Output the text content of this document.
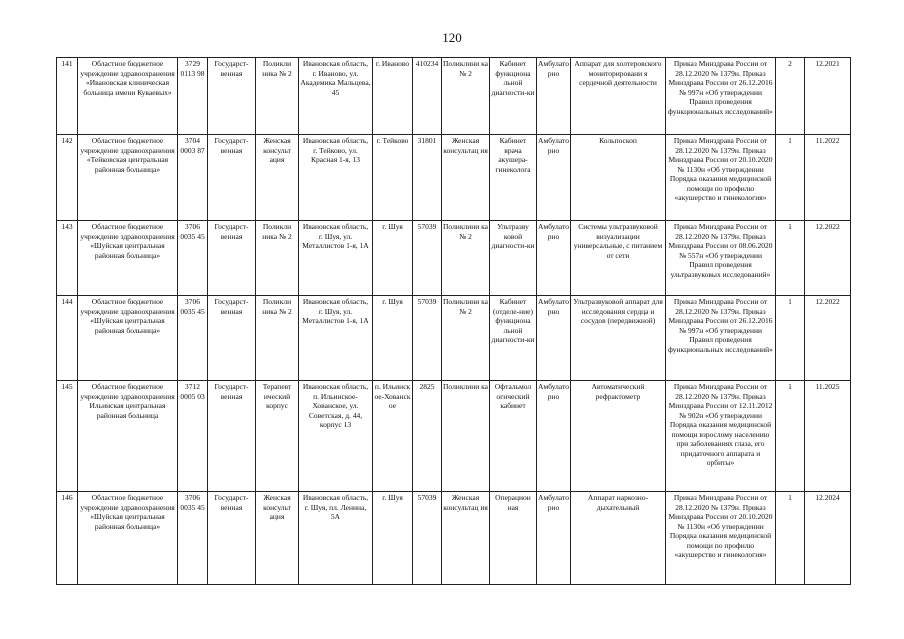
120
141	Областное бюджетное учреждение здравоохранения «Ивановская клиническая больница имени Куваевых»	3729 0113 98	Государст-венная	Поликли ника № 2	Ивановская область, г. Иваново, ул. Академика Мальцева, 45	г. Иваново	410234	Поликлини ка № 2	Кабинет функциона льной диагности-ки	Амбулато рно	Аппарат для холтеровского мониторировани я сердечной деятельности	Приказ Минздрава России от 28.12.2020 № 1379н. Приказ Минздрава России от 26.12.2016 № 997н «Об утверждении Правил проведения функциональных исследований»	2	12.2021
142	Областное бюджетное учреждение здравоохранения «Тейковская центральная районная больница»	3704 0003 87	Государст-венная	Женская консульт ация	Ивановская область, г. Тейково, ул. Красная 1-я, 13	г. Тейково	31801	Женская консультац ия	Кабинет врача акушера-гинеколога	Амбулато рно	Кольпоскоп	Приказ Минздрава России от 28.12.2020 № 1379н. Приказ Минздрава России от 20.10.2020 № 1130н «Об утверждении Порядка оказания медицинской помощи по профилю «акушерство и гинекология»	1	11.2022
143	Областное бюджетное учреждение здравоохранения «Шуйская центральная районная больница»	3706 0035 45	Государст-венная	Поликли ника № 2	Ивановская область, г. Шуя, ул. Металлистов 1-я, 1А	г. Шуя	57039	Поликлини ка № 2	Ультразву ковой диагности-ки	Амбулато рно	Системы ультразвуковой визуализации универсальные, с питанием от сети	Приказ Минздрава России от 28.12.2020 № 1379н. Приказ Минздрава России от 08.06.2020 № 557н «Об утверждении Правил проведения ультразвуковых исследований»	1	12.2022
144	Областное бюджетное учреждение здравоохранения «Шуйская центральная районная больница»	3706 0035 45	Государст-венная	Поликли ника № 2	Ивановская область, г. Шуя, ул. Металлистов 1-я, 1А	г. Шуя	57039	Поликлини ка № 2	Кабинет (отделе-ние) функциона льной диагности-ки	Амбулато рно	Ультразвуковой аппарат для исследования сердца и сосудов (передвижной)	Приказ Минздрава России от 28.12.2020 № 1379н. Приказ Минздрава России от 26.12.2016 № 997н «Об утверждении Правил проведения функциональных исследований»	1	12.2022
145	Областное бюджетное учреждение здравоохранения Ильинская центральная районная больница	3712 0005 03	Государст-венная	Терапевт ический корпус	Ивановская область, п. Ильинское-Хованское, ул. Советская, д. 44, корпус 13	п. Ильинск ое-Хованск ое	2825	Поликлини ка	Офтальмол огический кабинет	Амбулато рно	Автоматический рефрактометр	Приказ Минздрава России от 28.12.2020 № 1379н. Приказ Минздрава России от 12.11.2012 № 902н «Об утверждении Порядка оказания медицинской помощи взрослому населению при заболеваниях глаза, его придаточного аппарата и орбиты»	1	11.2025
146	Областное бюджетное учреждение здравоохранения «Шуйская центральная районная больница»	3706 0035 45	Государст-венная	Женская консульт ация	Ивановская область, г. Шуя, пл. Ленина, 5А	г. Шуя	57039	Женская консультац ия	Операцион ная	Амбулато рно	Аппарат наркозно-дыхательный	Приказ Минздрава России от 28.12.2020 № 1379н. Приказ Минздрава России от 20.10.2020 № 1130н «Об утверждении Порядка оказания медицинской помощи по профилю «акушерство и гинекология»	1	12.2024
